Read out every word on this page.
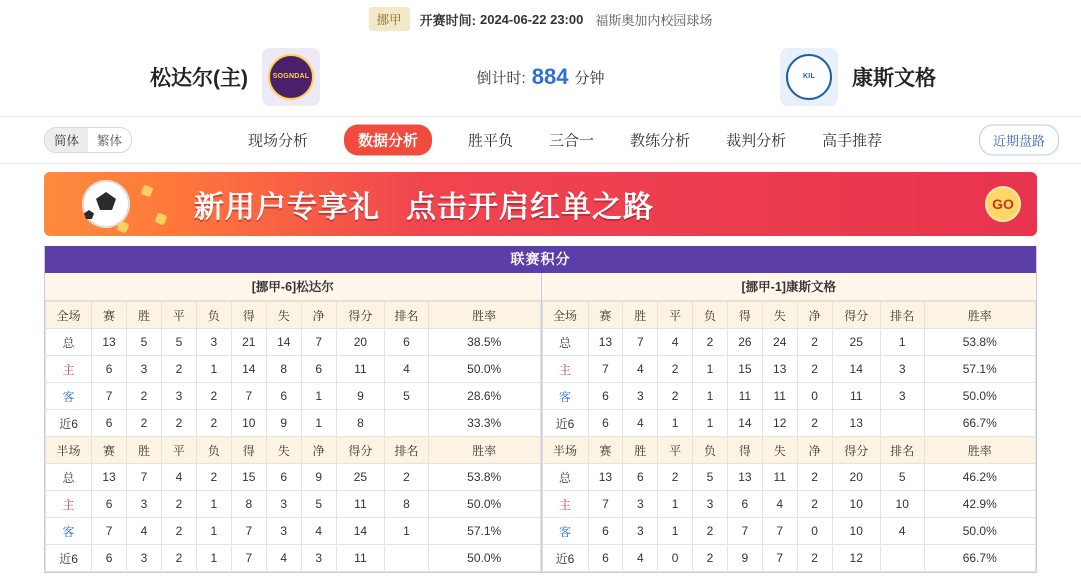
挪甲	开赛时间: 2024-06-22 23:00 福斯奥加内校园球场
倒计时: 884 分钟
松达尔(主)	SOGNDAL	KIL	康斯文格
简体	繁体	现场分析	数据分析	胜平负 三合一 教练分析 裁判分析 高手推荐	近期盘路
新用户专享礼 点击开启红单之路	GO
联赛积分
[挪甲-6]松达尔
全场	赛	胜	平	负	得	失	净	得分	排名	胜率
总	13	5	5	3	21	14	7	20	6	38.5%
主	6	3	2	1	14	8	6	11	4	50.0%
客	7	2	3	2	7	6	1	9	5	28.6%
近6	6	2	2	2	10	9	1	8		33.3%
半场	赛	胜	平	负	得	失	净	得分	排名	胜率
总	13	7	4	2	15	6	9	25	2	53.8%
主	6	3	2	1	8	3	5	11	8	50.0%
客	7	4	2	1	7	3	4	14	1	57.1%
近6	6	3	2	1	7	4	3	11		50.0%
[挪甲-1]康斯文格
全场	赛	胜	平	负	得	失	净	得分	排名	胜率
总	13	7	4	2	26	24	2	25	1	53.8%
主	7	4	2	1	15	13	2	14	3	57.1%
客	6	3	2	1	11	11	0	11	3	50.0%
近6	6	4	1	1	14	12	2	13		66.7%
半场	赛	胜	平	负	得	失	净	得分	排名	胜率
总	13	6	2	5	13	11	2	20	5	46.2%
主	7	3	1	3	6	4	2	10	10	42.9%
客	6	3	1	2	7	7	0	10	4	50.0%
近6	6	4	0	2	9	7	2	12		66.7%
